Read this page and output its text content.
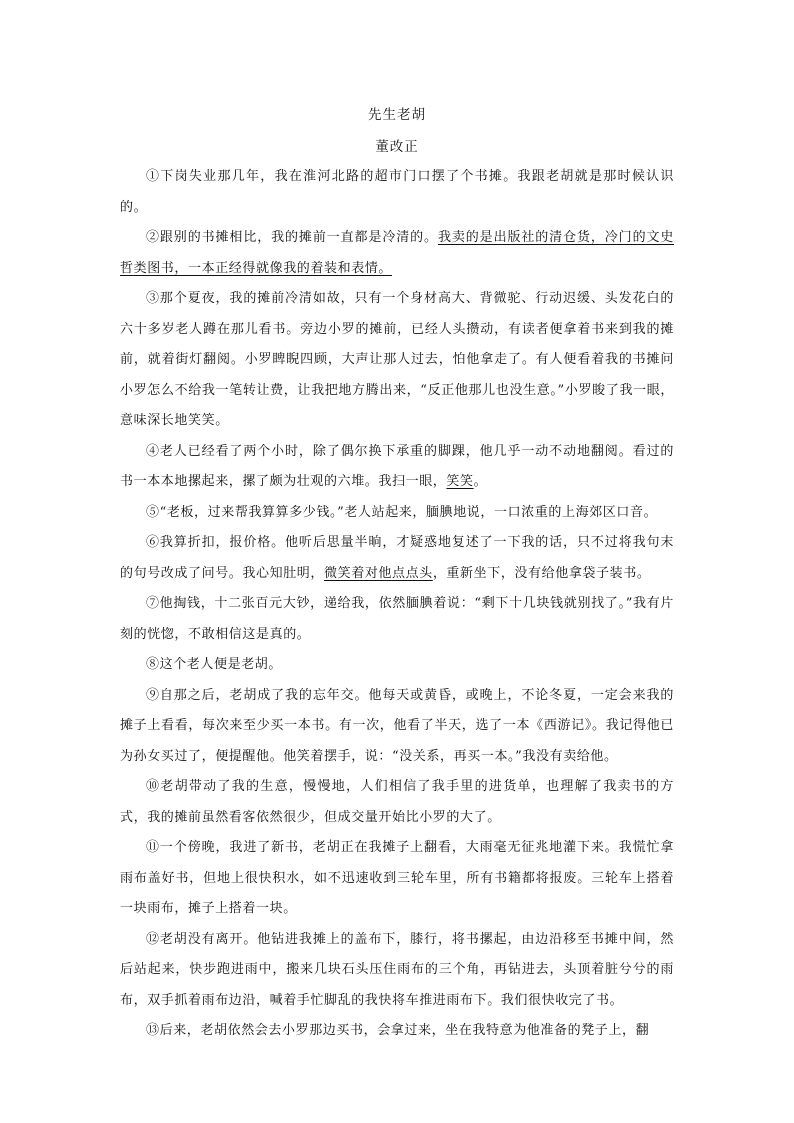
先生老胡
董改正

①下岗失业那几年，我在淮河北路的超市门口摆了个书摊。我跟老胡就是那时候认识的。

②跟别的书摊相比，我的摊前一直都是冷清的。我卖的是出版社的清仓货，冷门的文史哲类图书，一本正经得就像我的着装和表情。

③那个夏夜，我的摊前冷清如故，只有一个身材高大、背微驼、行动迟缓、头发花白的六十多岁老人蹲在那儿看书。旁边小罗的摊前，已经人头攒动，有读者便拿着书来到我的摊前，就着街灯翻阅。小罗睥睨四顾，大声让那人过去，怕他拿走了。有人便看着我的书摊问小罗怎么不给我一笔转让费，让我把地方腾出来，“反正他那儿也没生意。”小罗睃了我一眼，意味深长地笑笑。

④老人已经看了两个小时，除了偶尔换下承重的脚踝，他几乎一动不动地翻阅。看过的书一本本地摞起来，摞了颇为壮观的六堆。我扫一眼，笑笑。

⑤“老板，过来帮我算算多少钱。”老人站起来，腼腆地说，一口浓重的上海郊区口音。

⑥我算折扣，报价格。他听后思量半晌，才疑惑地复述了一下我的话，只不过将我句末的句号改成了问号。我心知肚明，微笑着对他点点头，重新坐下，没有给他拿袋子装书。

⑦他掏钱，十二张百元大钞，递给我，依然腼腆着说：“剩下十几块钱就别找了。”我有片刻的恍惚，不敢相信这是真的。

⑧这个老人便是老胡。

⑨自那之后，老胡成了我的忘年交。他每天或黄昏，或晚上，不论冬夏，一定会来我的摊子上看看，每次来至少买一本书。有一次，他看了半天，选了一本《西游记》。我记得他已为孙女买过了，便提醒他。他笑着摆手，说：“没关系，再买一本。”我没有卖给他。

⑩老胡带动了我的生意，慢慢地，人们相信了我手里的进货单，也理解了我卖书的方式，我的摊前虽然看客依然很少，但成交量开始比小罗的大了。

⑪一个傍晚，我进了新书，老胡正在我摊子上翻看，大雨毫无征兆地灌下来。我慌忙拿雨布盖好书，但地上很快积水，如不迅速收到三轮车里，所有书籍都将报废。三轮车上搭着一块雨布，摊子上搭着一块。

⑫老胡没有离开。他钻进我摊上的盖布下，膝行，将书摞起，由边沿移至书摊中间，然后站起来，快步跑进雨中，搬来几块石头压住雨布的三个角，再钻进去，头顶着脏兮兮的雨布，双手抓着雨布边沿，喊着手忙脚乱的我快将车推进雨布下。我们很快收完了书。

⑬后来，老胡依然会去小罗那边买书，会拿过来，坐在我特意为他准备的凳子上，翻
